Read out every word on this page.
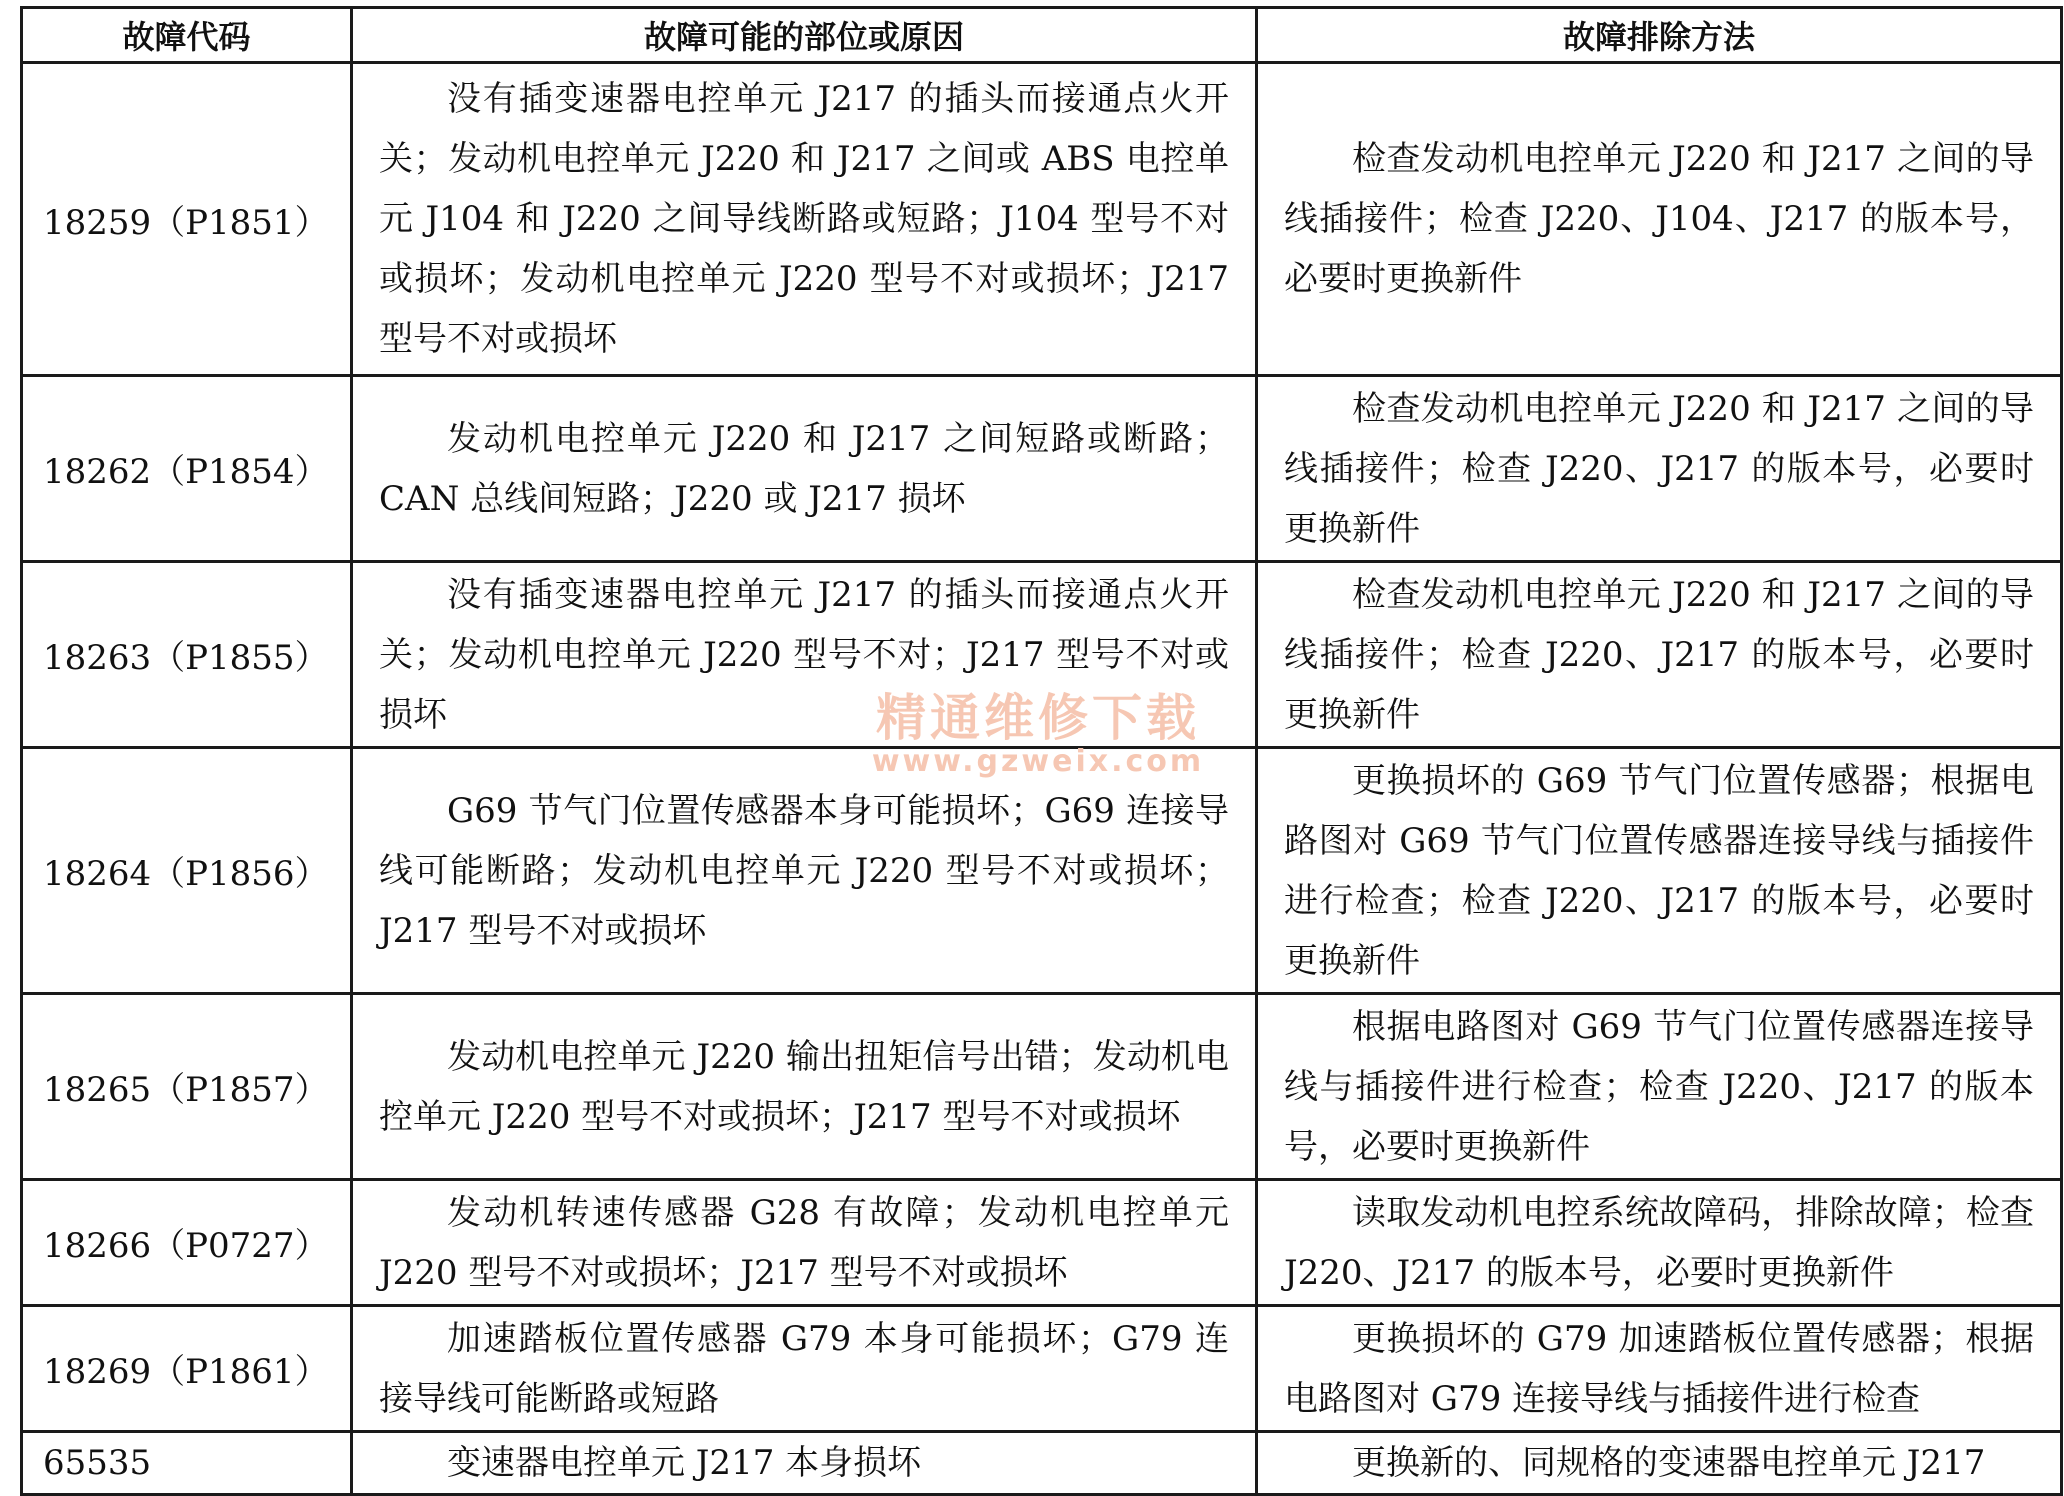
故障代码	故障可能的部位或原因	故障排除方法
18259（P1851）	没有插变速器电控单元 J217 的插头而接通点火开关；发动机电控单元 J220 和 J217 之间或 ABS 电控单元 J104 和 J220 之间导线断路或短路；J104 型号不对或损坏；发动机电控单元 J220 型号不对或损坏；J217 型号不对或损坏	检查发动机电控单元 J220 和 J217 之间的导线插接件；检查 J220、J104、J217 的版本号，必要时更换新件

18262（P1854）	发动机电控单元 J220 和 J217 之间短路或断路；CAN 总线间短路；J220 或 J217 损坏	检查发动机电控单元 J220 和 J217 之间的导线插接件；检查 J220、J217 的版本号，必要时更换新件

18263（P1855）	没有插变速器电控单元 J217 的插头而接通点火开关；发动机电控单元 J220 型号不对；J217 型号不对或损坏	检查发动机电控单元 J220 和 J217 之间的导线插接件；检查 J220、J217 的版本号，必要时更换新件

18264（P1856）	G69 节气门位置传感器本身可能损坏；G69 连接导线可能断路；发动机电控单元 J220 型号不对或损坏；J217 型号不对或损坏	更换损坏的 G69 节气门位置传感器；根据电路图对 G69 节气门位置传感器连接导线与插接件进行检查；检查 J220、J217 的版本号，必要时更换新件

18265（P1857）	发动机电控单元 J220 输出扭矩信号出错；发动机电控单元 J220 型号不对或损坏；J217 型号不对或损坏	根据电路图对 G69 节气门位置传感器连接导线与插接件进行检查；检查 J220、J217 的版本号，必要时更换新件

18266（P0727）	发动机转速传感器 G28 有故障；发动机电控单元 J220 型号不对或损坏；J217 型号不对或损坏	读取发动机电控系统故障码，排除故障；检查 J220、J217 的版本号，必要时更换新件

18269（P1861）	加速踏板位置传感器 G79 本身可能损坏；G79 连接导线可能断路或短路	更换损坏的 G79 加速踏板位置传感器；根据电路图对 G79 连接导线与插接件进行检查

65535	变速器电控单元 J217 本身损坏	更换新的、同规格的变速器电控单元 J217
精通维修下载
www.gzweix.com
